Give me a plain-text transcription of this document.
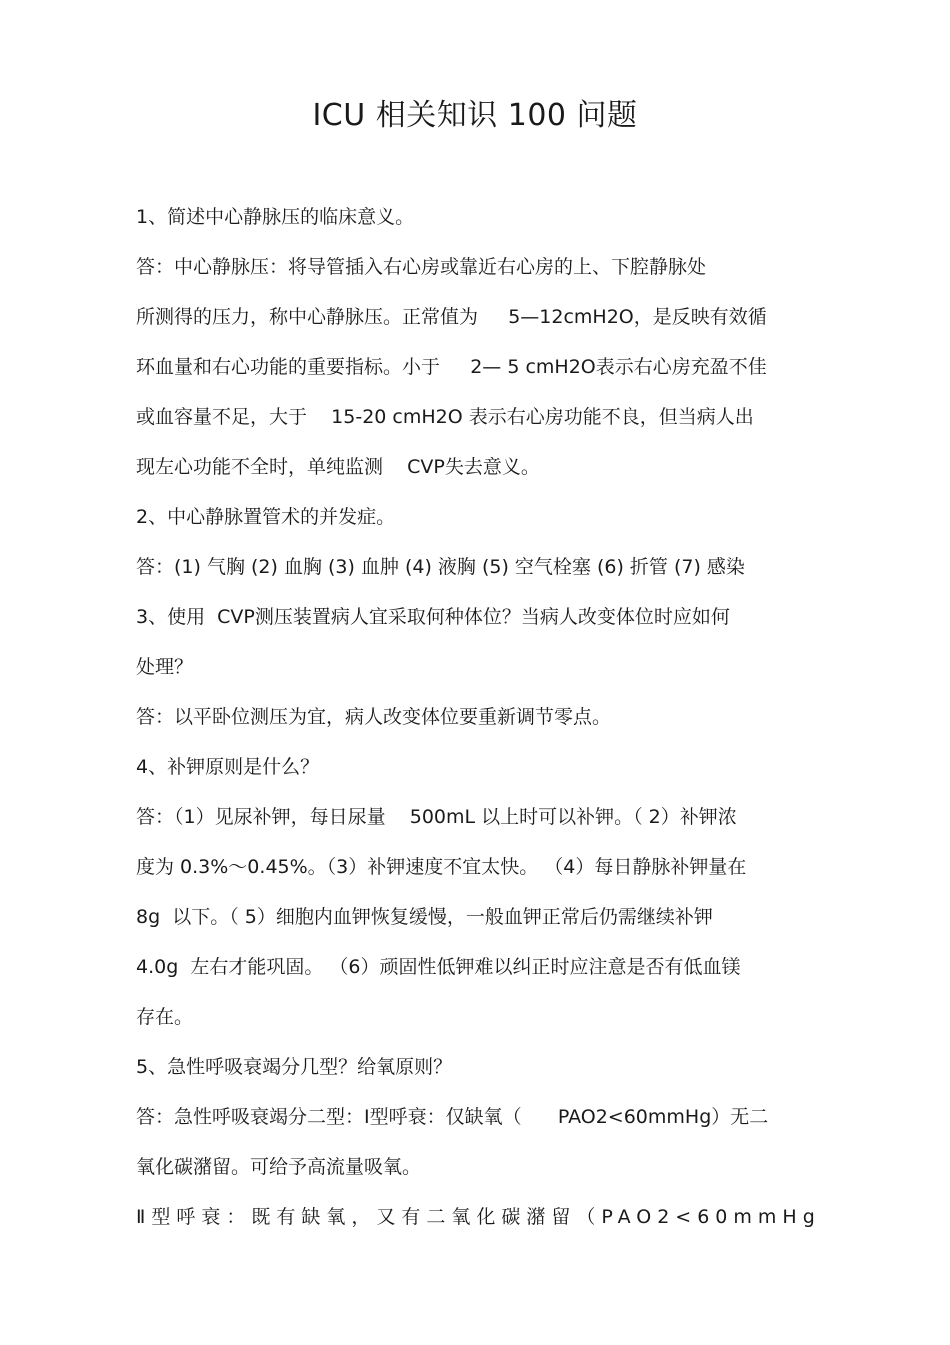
ICU 相关知识 100 问题
1、简述中心静脉压的临床意义。
答：中心静脉压：将导管插入右心房或靠近右心房的上、下腔静脉处
所测得的压力，称中心静脉压。正常值为     5—12cmH2O，是反映有效循
环血量和右心功能的重要指标。小于     2— 5 cmH2O表示右心房充盈不佳
或血容量不足，大于    15-20 cmH2O 表示右心房功能不良，但当病人出
现左心功能不全时，单纯监测    CVP失去意义。
2、中心静脉置管术的并发症。
答：(1) 气胸 (2) 血胸 (3) 血肿 (4) 液胸 (5) 空气栓塞 (6) 折管 (7) 感染
3、使用  CVP测压装置病人宜采取何种体位？当病人改变体位时应如何
处理？
答：以平卧位测压为宜，病人改变体位要重新调节零点。
4、补钾原则是什么？
答：（1）见尿补钾，每日尿量    500mL 以上时可以补钾。（ 2）补钾浓
度为 0.3%～0.45%。（3）补钾速度不宜太快。 （4）每日静脉补钾量在
8g  以下。（ 5）细胞内血钾恢复缓慢，一般血钾正常后仍需继续补钾
4.0g  左右才能巩固。 （6）顽固性低钾难以纠正时应注意是否有低血镁
存在。
5、急性呼吸衰竭分几型？给氧原则？
答：急性呼吸衰竭分二型：Ⅰ型呼衰：仅缺氧（      PAO2<60mmHg）无二
氧化碳潴留。可给予高流量吸氧。
Ⅱ型呼衰：既有缺氧，又有二氧化碳潴留（PAO2<60mmHg
